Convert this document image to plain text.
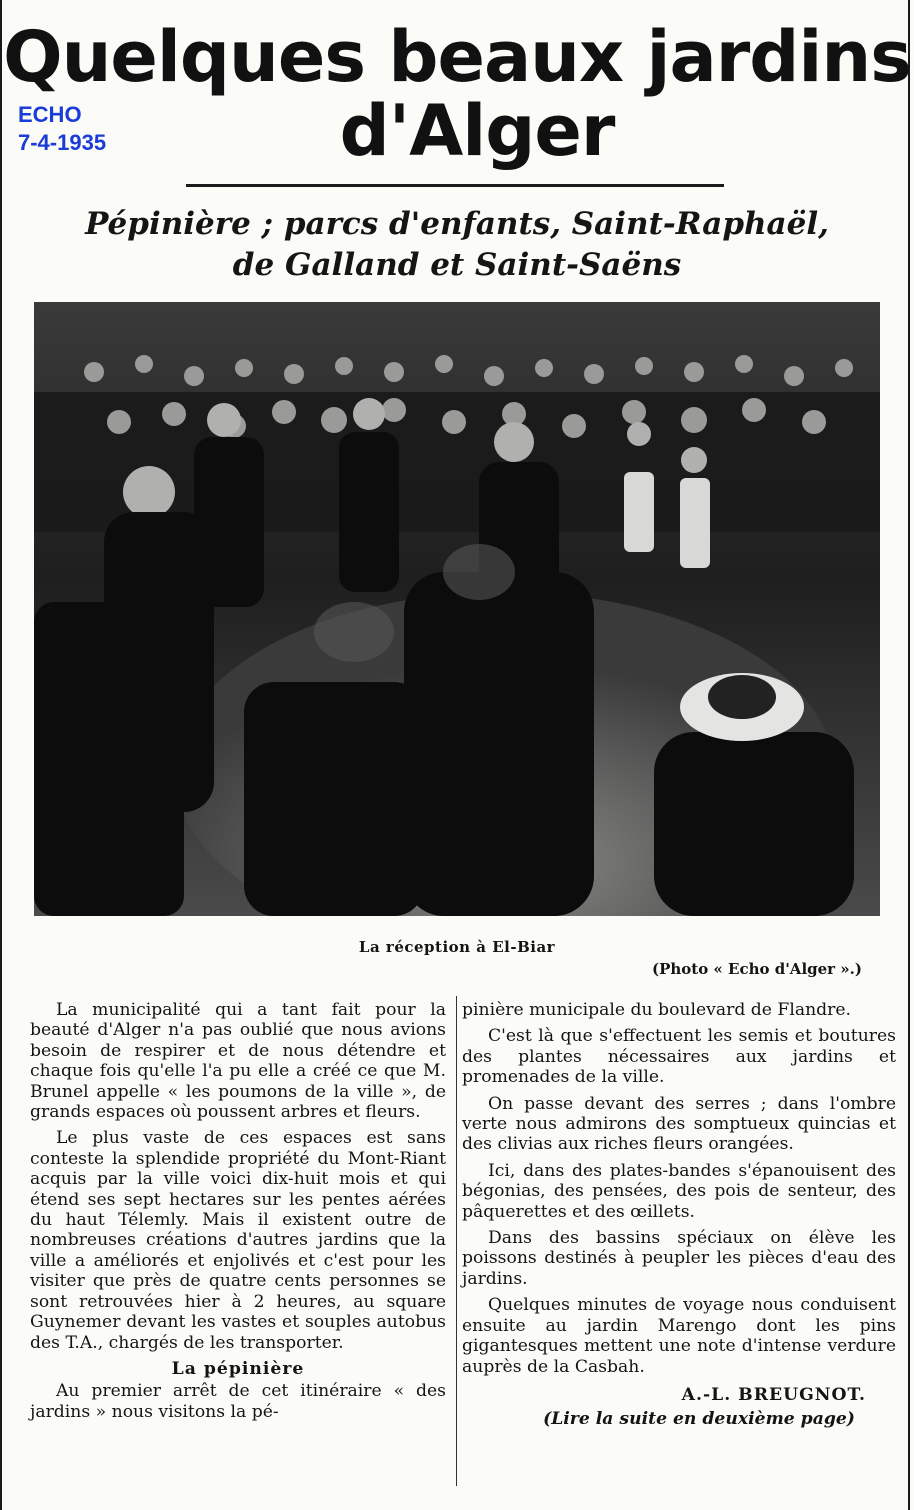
Quelques beaux jardins
d'Alger
ECHO
7-4-1935
Pépinière ; parcs d'enfants, Saint-Raphaël,
de Galland et Saint-Saëns
La réception à El-Biar
(Photo « Echo d'Alger ».)

La municipalité qui a tant fait pour la beauté d'Alger n'a pas oublié que nous avions besoin de respirer et de nous détendre et chaque fois qu'elle l'a pu elle a créé ce que M. Brunel appelle « les poumons de la ville », de grands espaces où poussent arbres et fleurs.

Le plus vaste de ces espaces est sans conteste la splendide propriété du Mont-Riant acquis par la ville voici dix-huit mois et qui étend ses sept hectares sur les pentes aérées du haut Télemly. Mais il existent outre de nombreuses créations d'autres jardins que la ville a améliorés et enjolivés et c'est pour les visiter que près de quatre cents personnes se sont retrouvées hier à 2 heures, au square Guynemer devant les vastes et souples autobus des T.A., chargés de les transporter.

La pépinière

Au premier arrêt de cet itinéraire « des jardins » nous visitons la pé-

pinière municipale du boulevard de Flandre.

C'est là que s'effectuent les semis et boutures des plantes nécessaires aux jardins et promenades de la ville.

On passe devant des serres ; dans l'ombre verte nous admirons des somptueux quincias et des clivias aux riches fleurs orangées.

Ici, dans des plates-bandes s'épanouisent des bégonias, des pensées, des pois de senteur, des pâquerettes et des œillets.

Dans des bassins spéciaux on élève les poissons destinés à peupler les pièces d'eau des jardins.

Quelques minutes de voyage nous conduisent ensuite au jardin Marengo dont les pins gigantesques mettent une note d'intense verdure auprès de la Casbah.

A.-L. BREUGNOT.
(Lire la suite en deuxième page)
